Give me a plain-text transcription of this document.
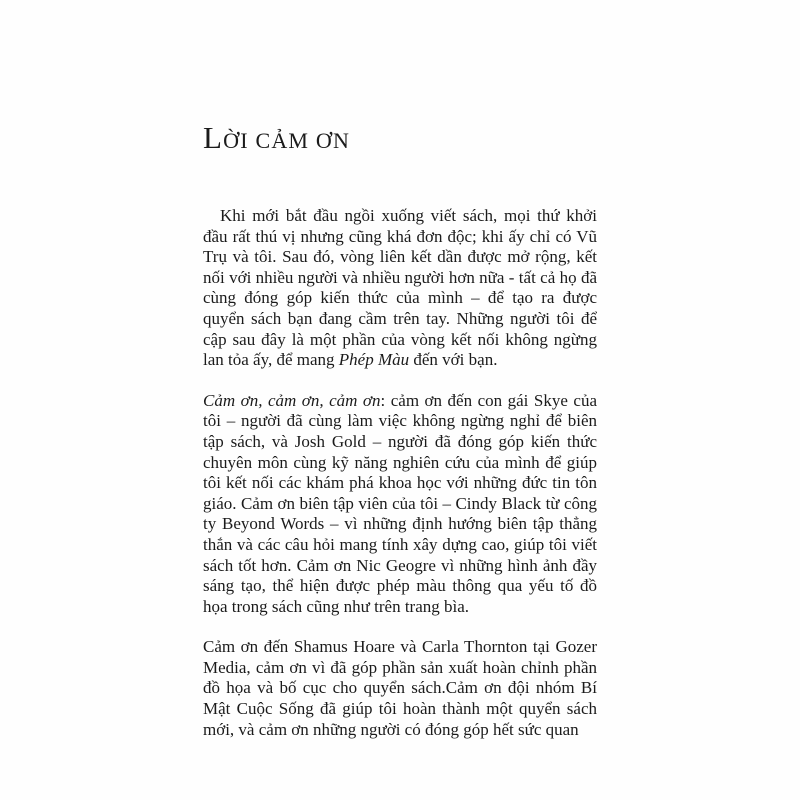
LỜI CẢM ƠN

Khi mới bắt đầu ngồi xuống viết sách, mọi thứ khởi đầu rất thú vị nhưng cũng khá đơn độc; khi ấy chỉ có Vũ Trụ và tôi. Sau đó, vòng liên kết dần được mở rộng, kết nối với nhiều người và nhiều người hơn nữa - tất cả họ đã cùng đóng góp kiến thức của mình – để tạo ra được quyển sách bạn đang cầm trên tay. Những người tôi để cập sau đây là một phần của vòng kết nối không ngừng lan tỏa ấy, để mang Phép Màu đến với bạn.

Cảm ơn, cảm ơn, cảm ơn: cảm ơn đến con gái Skye của tôi – người đã cùng làm việc không ngừng nghỉ để biên tập sách, và Josh Gold – người đã đóng góp kiến thức chuyên môn cùng kỹ năng nghiên cứu của mình để giúp tôi kết nối các khám phá khoa học với những đức tin tôn giáo. Cảm ơn biên tập viên của tôi – Cindy Black từ công ty Beyond Words – vì những định hướng biên tập thẳng thắn và các câu hỏi mang tính xây dựng cao, giúp tôi viết sách tốt hơn. Cảm ơn Nic Geogre vì những hình ảnh đầy sáng tạo, thể hiện được phép màu thông qua yếu tố đồ họa trong sách cũng như trên trang bìa.

Cảm ơn đến Shamus Hoare và Carla Thornton tại Gozer Media, cảm ơn vì đã góp phần sản xuất hoàn chỉnh phần đồ họa và bố cục cho quyển sách.Cảm ơn đội nhóm Bí Mật Cuộc Sống đã giúp tôi hoàn thành một quyển sách mới, và cảm ơn những người có đóng góp hết sức quan
